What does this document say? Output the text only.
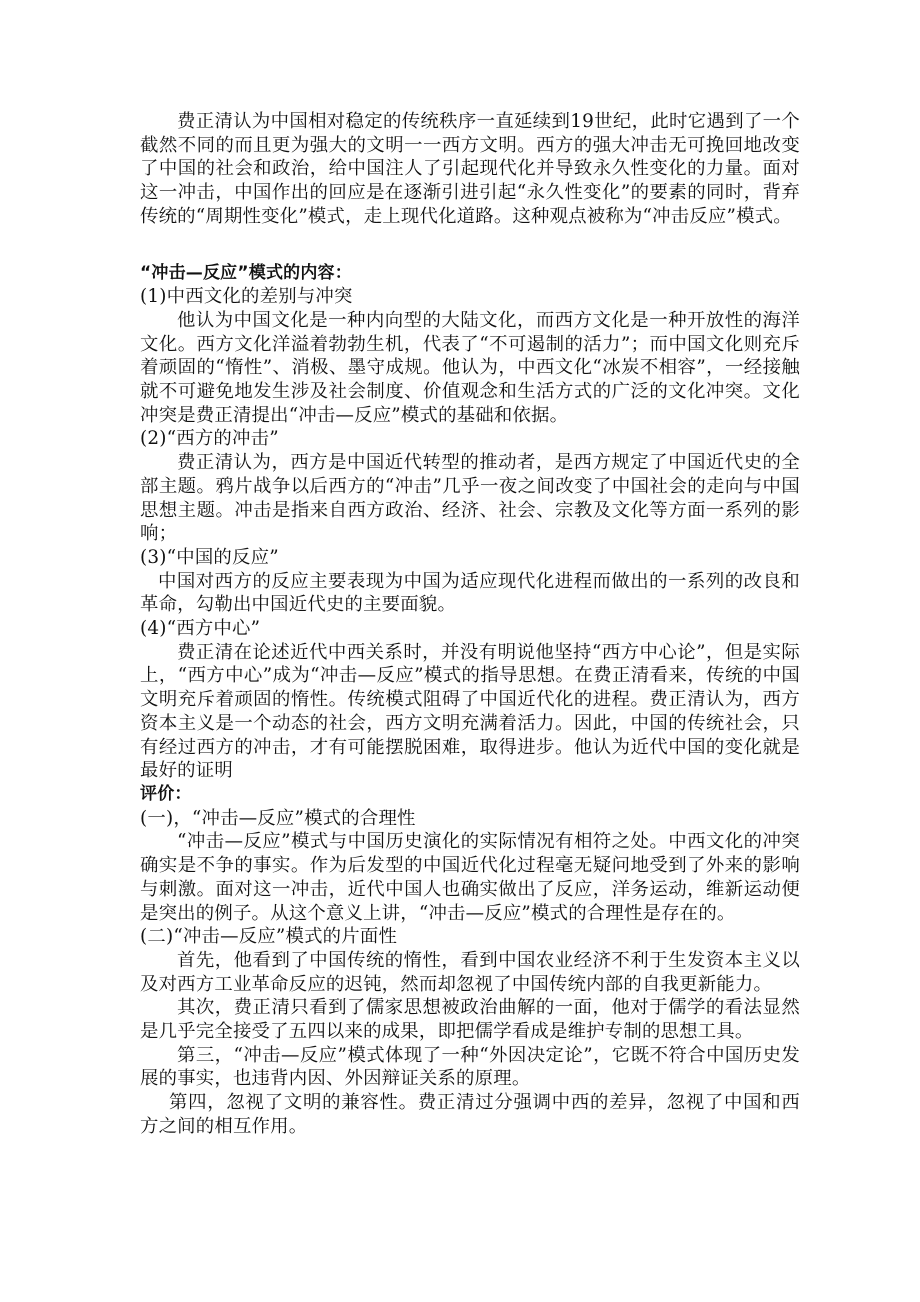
费正清认为中国相对稳定的传统秩序一直延续到19世纪，此时它遇到了一个截然不同的而且更为强大的文明一一西方文明。西方的强大冲击无可挽回地改变了中国的社会和政治，给中国注人了引起现代化并导致永久性变化的力量。面对这一冲击，中国作出的回应是在逐渐引进引起“永久性变化”的要素的同时，背弃传统的“周期性变化”模式，走上现代化道路。这种观点被称为“冲击反应”模式。

“冲击—反应”模式的内容：

(1)中西文化的差别与冲突

他认为中国文化是一种内向型的大陆文化，而西方文化是一种开放性的海洋文化。西方文化洋溢着勃勃生机，代表了“不可遏制的活力”；而中国文化则充斥着顽固的“惰性”、消极、墨守成规。他认为，中西文化“冰炭不相容”，一经接触就不可避免地发生涉及社会制度、价值观念和生活方式的广泛的文化冲突。文化冲突是费正清提出“冲击—反应”模式的基础和依据。

(2)“西方的冲击”

费正清认为，西方是中国近代转型的推动者，是西方规定了中国近代史的全部主题。鸦片战争以后西方的“冲击”几乎一夜之间改变了中国社会的走向与中国思想主题。冲击是指来自西方政治、经济、社会、宗教及文化等方面一系列的影响；

(3)“中国的反应”

中国对西方的反应主要表现为中国为适应现代化进程而做出的一系列的改良和革命，勾勒出中国近代史的主要面貌。

(4)“西方中心”

费正清在论述近代中西关系时，并没有明说他坚持“西方中心论”，但是实际上，“西方中心”成为“冲击—反应”模式的指导思想。在费正清看来，传统的中国文明充斥着顽固的惰性。传统模式阻碍了中国近代化的进程。费正清认为，西方资本主义是一个动态的社会，西方文明充满着活力。因此，中国的传统社会，只有经过西方的冲击，才有可能摆脱困难，取得进步。他认为近代中国的变化就是最好的证明

评价：

(一)，“冲击—反应”模式的合理性

“冲击—反应”模式与中国历史演化的实际情况有相符之处。中西文化的冲突确实是不争的事实。作为后发型的中国近代化过程毫无疑问地受到了外来的影响与刺激。面对这一冲击，近代中国人也确实做出了反应，洋务运动，维新运动便是突出的例子。从这个意义上讲，“冲击—反应”模式的合理性是存在的。

(二)“冲击—反应”模式的片面性

首先，他看到了中国传统的惰性，看到中国农业经济不利于生发资本主义以及对西方工业革命反应的迟钝，然而却忽视了中国传统内部的自我更新能力。

其次，费正清只看到了儒家思想被政治曲解的一面，他对于儒学的看法显然是几乎完全接受了五四以来的成果，即把儒学看成是维护专制的思想工具。

第三，“冲击—反应”模式体现了一种“外因决定论”，它既不符合中国历史发展的事实，也违背内因、外因辩证关系的原理。

第四，忽视了文明的兼容性。费正清过分强调中西的差异，忽视了中国和西方之间的相互作用。
